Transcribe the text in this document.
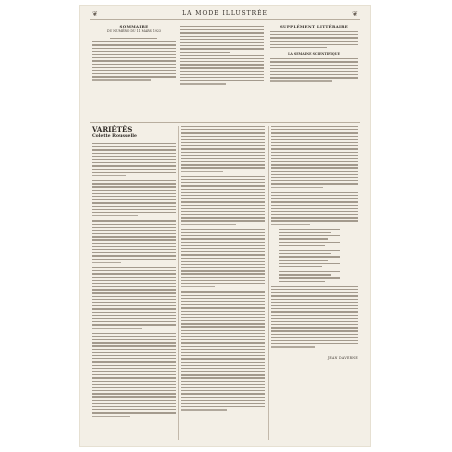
❦	❦
LA MODE ILLUSTRÉE
SOMMAIRE
DU NUMÉRO DU 11 MARS 1923
SUPPLÉMENT LITTÉRAIRE
LA SEMAINE SCIENTIFIQUE
VARIÉTÉS
Colette Rousselle
JEAN DAVERNE
